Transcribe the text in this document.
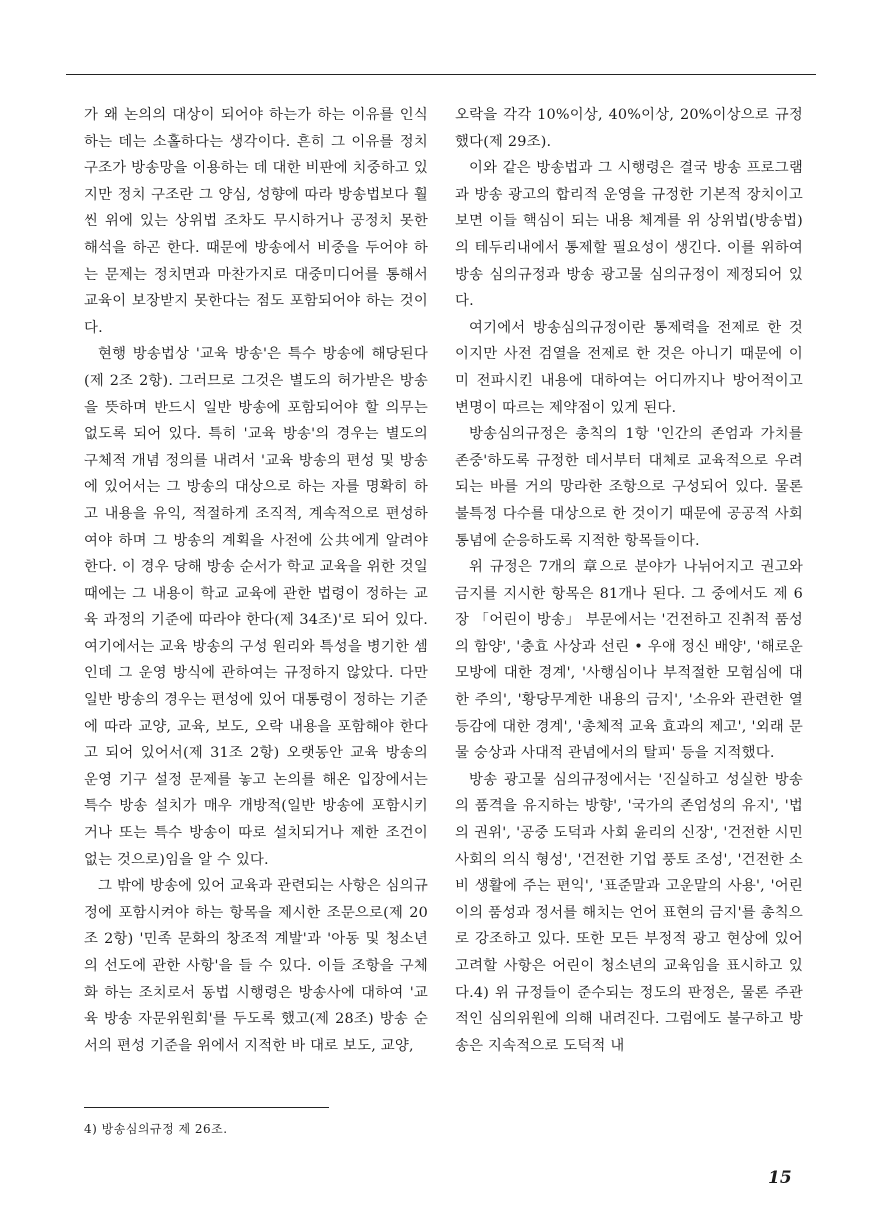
가 왜 논의의 대상이 되어야 하는가 하는 이유를 인식하는 데는 소홀하다는 생각이다. 흔히 그 이유를 정치 구조가 방송망을 이용하는 데 대한 비판에 치중하고 있지만 정치 구조란 그 양심, 성향에 따라 방송법보다 훨씬 위에 있는 상위법 조차도 무시하거나 공정치 못한 해석을 하곤 한다. 때문에 방송에서 비중을 두어야 하는 문제는 정치면과 마찬가지로 대중미디어를 통해서 교육이 보장받지 못한다는 점도 포함되어야 하는 것이다.

현행 방송법상 '교육 방송'은 특수 방송에 해당된다(제 2조 2항). 그러므로 그것은 별도의 허가받은 방송을 뜻하며 반드시 일반 방송에 포함되어야 할 의무는 없도록 되어 있다. 특히 '교육 방송'의 경우는 별도의 구체적 개념 정의를 내려서 '교육 방송의 편성 및 방송에 있어서는 그 방송의 대상으로 하는 자를 명확히 하고 내용을 유익, 적절하게 조직적, 계속적으로 편성하여야 하며 그 방송의 계획을 사전에 公共에게 알려야 한다. 이 경우 당해 방송 순서가 학교 교육을 위한 것일 때에는 그 내용이 학교 교육에 관한 법령이 정하는 교육 과정의 기준에 따라야 한다(제 34조)'로 되어 있다. 여기에서는 교육 방송의 구성 원리와 특성을 병기한 셈인데 그 운영 방식에 관하여는 규정하지 않았다. 다만 일반 방송의 경우는 편성에 있어 대통령이 정하는 기준에 따라 교양, 교육, 보도, 오락 내용을 포함해야 한다고 되어 있어서(제 31조 2항) 오랫동안 교육 방송의 운영 기구 설정 문제를 놓고 논의를 해온 입장에서는 특수 방송 설치가 매우 개방적(일반 방송에 포함시키거나 또는 특수 방송이 따로 설치되거나 제한 조건이 없는 것으로)임을 알 수 있다.

그 밖에 방송에 있어 교육과 관련되는 사항은 심의규정에 포함시켜야 하는 항목을 제시한 조문으로(제 20조 2항) '민족 문화의 창조적 계발'과 '아동 및 청소년의 선도에 관한 사항'을 들 수 있다. 이들 조항을 구체화 하는 조치로서 동법 시행령은 방송사에 대하여 '교육 방송 자문위원회'를 두도록 했고(제 28조) 방송 순서의 편성 기준을 위에서 지적한 바 대로 보도, 교양,

오락을 각각 10%이상, 40%이상, 20%이상으로 규정했다(제 29조).

이와 같은 방송법과 그 시행령은 결국 방송 프로그램과 방송 광고의 합리적 운영을 규정한 기본적 장치이고 보면 이들 핵심이 되는 내용 체계를 위 상위법(방송법)의 테두리내에서 통제할 필요성이 생긴다. 이를 위하여 방송 심의규정과 방송 광고물 심의규정이 제정되어 있다.

여기에서 방송심의규정이란 통제력을 전제로 한 것이지만 사전 검열을 전제로 한 것은 아니기 때문에 이미 전파시킨 내용에 대하여는 어디까지나 방어적이고 변명이 따르는 제약점이 있게 된다.

방송심의규정은 총칙의 1항 '인간의 존엄과 가치를 존중'하도록 규정한 데서부터 대체로 교육적으로 우려되는 바를 거의 망라한 조항으로 구성되어 있다. 물론 불특정 다수를 대상으로 한 것이기 때문에 공공적 사회 통념에 순응하도록 지적한 항목들이다.

위 규정은 7개의 章으로 분야가 나뉘어지고 권고와 금지를 지시한 항목은 81개나 된다. 그 중에서도 제 6장 「어린이 방송」 부문에서는 '건전하고 진취적 품성의 함양', '충효 사상과 선린 • 우애 정신 배양', '해로운 모방에 대한 경계', '사행심이나 부적절한 모험심에 대한 주의', '황당무계한 내용의 금지', '소유와 관련한 열등감에 대한 경계', '총체적 교육 효과의 제고', '외래 문물 숭상과 사대적 관념에서의 탈피' 등을 지적했다.

방송 광고물 심의규정에서는 '진실하고 성실한 방송의 품격을 유지하는 방향', '국가의 존엄성의 유지', '법의 권위', '공중 도덕과 사회 윤리의 신장', '건전한 시민사회의 의식 형성', '건전한 기업 풍토 조성', '건전한 소비 생활에 주는 편익', '표준말과 고운말의 사용', '어린이의 품성과 정서를 해치는 언어 표현의 금지'를 총칙으로 강조하고 있다. 또한 모든 부정적 광고 현상에 있어 고려할 사항은 어린이 청소년의 교육임을 표시하고 있다.4) 위 규정들이 준수되는 정도의 판정은, 물론 주관적인 심의위원에 의해 내려진다. 그럼에도 불구하고 방송은 지속적으로 도덕적 내

4) 방송심의규정 제 26조.
15
